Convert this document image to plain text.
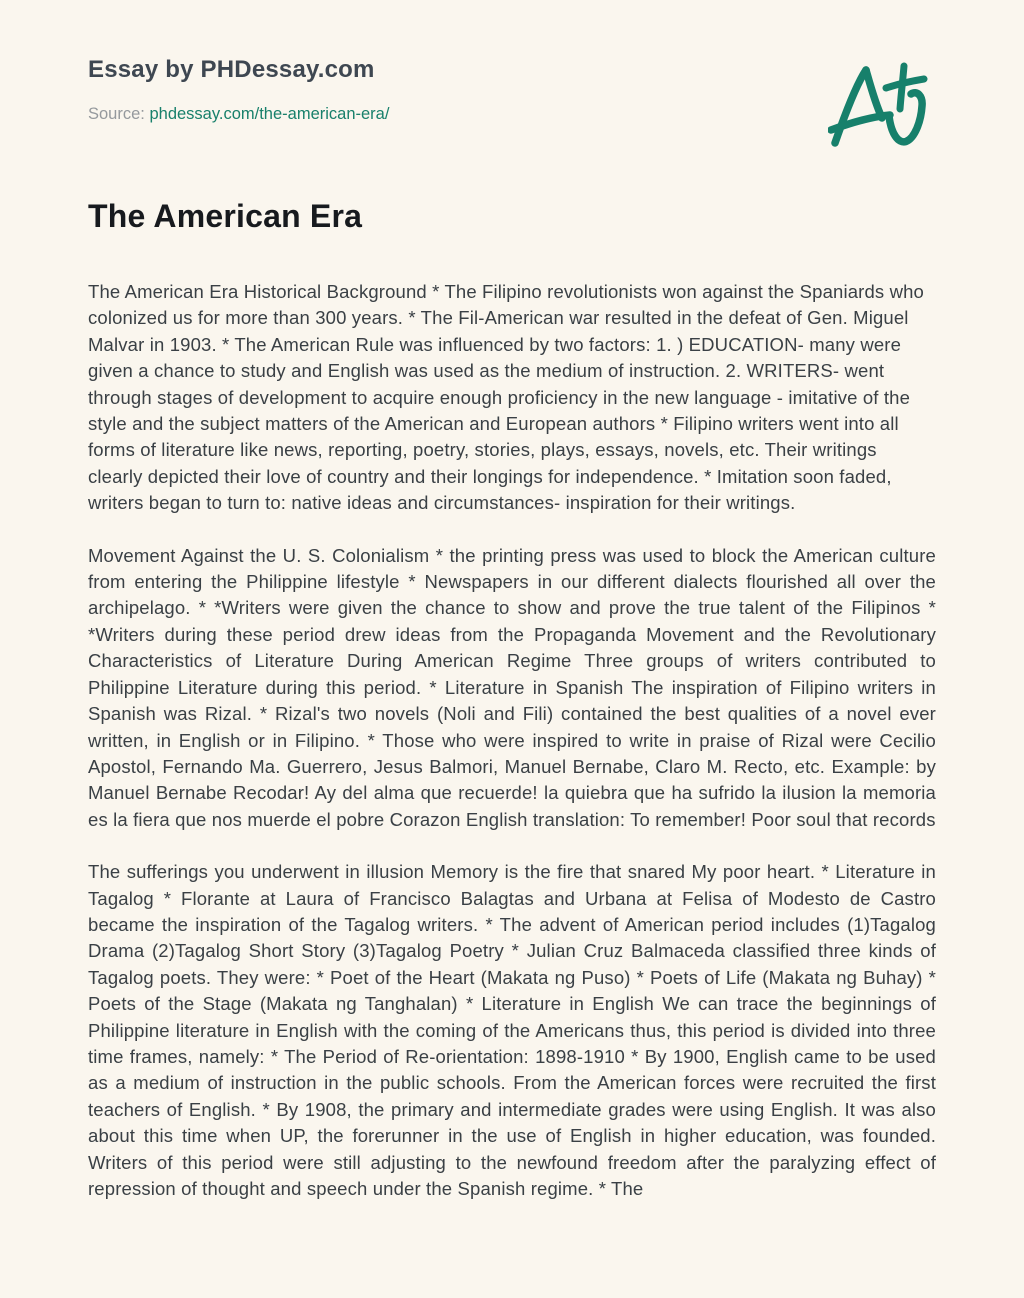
Essay by PHDessay.com
Source: phdessay.com/the-american-era/
The American Era

The American Era Historical Background * The Filipino revolutionists won against the Spaniards who colonized us for more than 300 years. * The Fil-American war resulted in the defeat of Gen. Miguel Malvar in 1903. * The American Rule was influenced by two factors: 1. ) EDUCATION- many were given a chance to study and English was used as the medium of instruction. 2. WRITERS- went through stages of development to acquire enough proficiency in the new language - imitative of the style and the subject matters of the American and European authors * Filipino writers went into all forms of literature like news, reporting, poetry, stories, plays, essays, novels, etc. Their writings clearly depicted their love of country and their longings for independence. * Imitation soon faded, writers began to turn to: native ideas and circumstances- inspiration for their writings.

Movement Against the U. S. Colonialism * the printing press was used to block the American culture from entering the Philippine lifestyle * Newspapers in our different dialects flourished all over the archipelago. * *Writers were given the chance to show and prove the true talent of the Filipinos * *Writers during these period drew ideas from the Propaganda Movement and the Revolutionary Characteristics of Literature During American Regime Three groups of writers contributed to Philippine Literature during this period. * Literature in Spanish The inspiration of Filipino writers in Spanish was Rizal. * Rizal's two novels (Noli and Fili) contained the best qualities of a novel ever written, in English or in Filipino. * Those who were inspired to write in praise of Rizal were Cecilio Apostol, Fernando Ma. Guerrero, Jesus Balmori, Manuel Bernabe, Claro M. Recto, etc. Example: by Manuel Bernabe Recodar! Ay del alma que recuerde! la quiebra que ha sufrido la ilusion la memoria es la fiera que nos muerde el pobre Corazon English translation: To remember! Poor soul that records

The sufferings you underwent in illusion Memory is the fire that snared My poor heart. * Literature in Tagalog * Florante at Laura of Francisco Balagtas and Urbana at Felisa of Modesto de Castro became the inspiration of the Tagalog writers. * The advent of American period includes (1)Tagalog Drama (2)Tagalog Short Story (3)Tagalog Poetry * Julian Cruz Balmaceda classified three kinds of Tagalog poets. They were: * Poet of the Heart (Makata ng Puso) * Poets of Life (Makata ng Buhay) * Poets of the Stage (Makata ng Tanghalan) * Literature in English We can trace the beginnings of Philippine literature in English with the coming of the Americans thus, this period is divided into three time frames, namely: * The Period of Re-orientation: 1898-1910 * By 1900, English came to be used as a medium of instruction in the public schools. From the American forces were recruited the first teachers of English. * By 1908, the primary and intermediate grades were using English. It was also about this time when UP, the forerunner in the use of English in higher education, was founded. Writers of this period were still adjusting to the newfound freedom after the paralyzing effect of repression of thought and speech under the Spanish regime. * The
